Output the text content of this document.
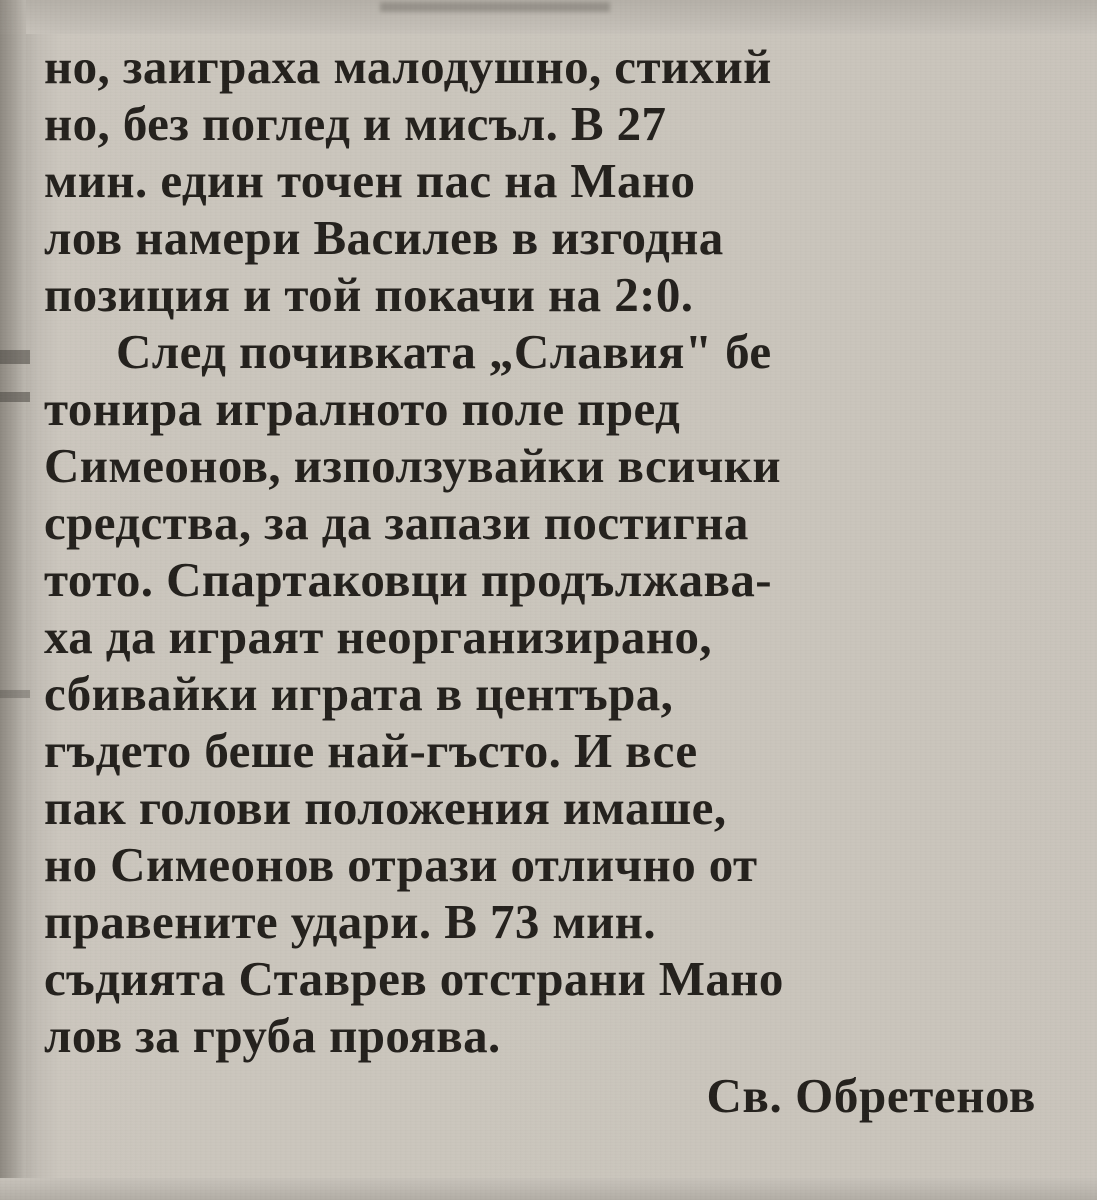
но, заиграха малодушно, стихий
но, без поглед и мисъл. В 27
мин. един точен пас на Мано
лов намери Василев в изгодна
позиция и той покачи на 2:0.

След почивката „Славия" бе
тонира игралното поле пред
Симеонов, използувайки всички
средства, за да запази постигна
тото. Спартаковци продължава-
ха да играят неорганизирано,
сбивайки играта в центъра,
гъдето беше най-гъсто. И все
пак голови положения имаше,
но Симеонов отрази отлично от
правените удари. В 73 мин.
съдията Ставрев отстрани Мано
лов за груба проява.

Св. Обретенов
